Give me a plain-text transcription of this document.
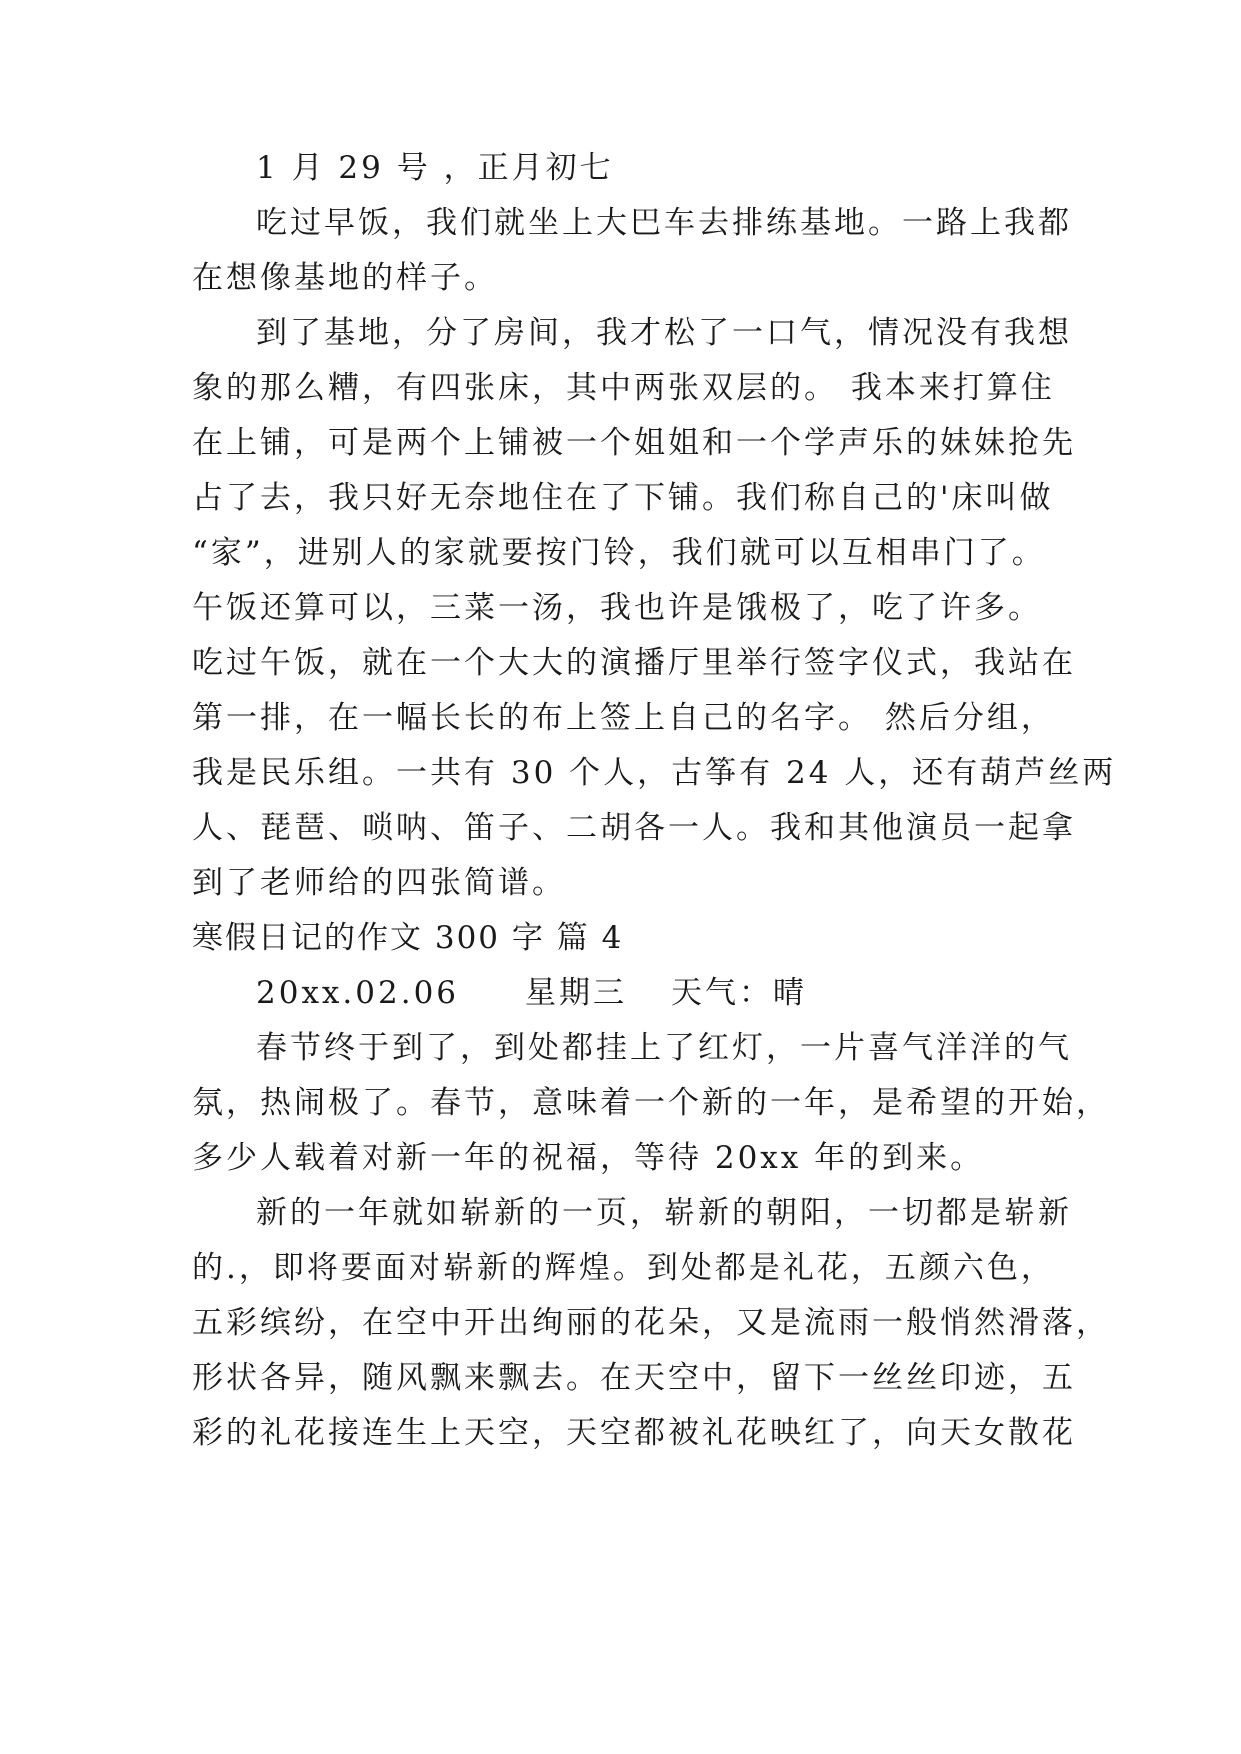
1 月 29 号 ，正月初七
吃过早饭，我们就坐上大巴车去排练基地。一路上我都
在想像基地的样子。
到了基地，分了房间，我才松了一口气，情况没有我想
象的那么糟，有四张床，其中两张双层的。 我本来打算住
在上铺，可是两个上铺被一个姐姐和一个学声乐的妹妹抢先
占了去，我只好无奈地住在了下铺。我们称自己的'床叫做
“家”，进别人的家就要按门铃，我们就可以互相串门了。
午饭还算可以，三菜一汤，我也许是饿极了，吃了许多。
吃过午饭，就在一个大大的演播厅里举行签字仪式，我站在
第一排，在一幅长长的布上签上自己的名字。 然后分组，
我是民乐组。一共有 30 个人，古筝有 24 人，还有葫芦丝两
人、琵琶、唢呐、笛子、二胡各一人。我和其他演员一起拿
到了老师给的四张简谱。
寒假日记的作文 300 字 篇 4
20xx.02.06 星期三 天气：晴
春节终于到了，到处都挂上了红灯，一片喜气洋洋的气
氛，热闹极了。春节，意味着一个新的一年，是希望的开始，
多少人载着对新一年的祝福，等待 20xx 年的到来。
新的一年就如崭新的一页，崭新的朝阳，一切都是崭新
的.，即将要面对崭新的辉煌。到处都是礼花，五颜六色，
五彩缤纷，在空中开出绚丽的花朵，又是流雨一般悄然滑落，
形状各异，随风飘来飘去。在天空中，留下一丝丝印迹，五
彩的礼花接连生上天空，天空都被礼花映红了，向天女散花
